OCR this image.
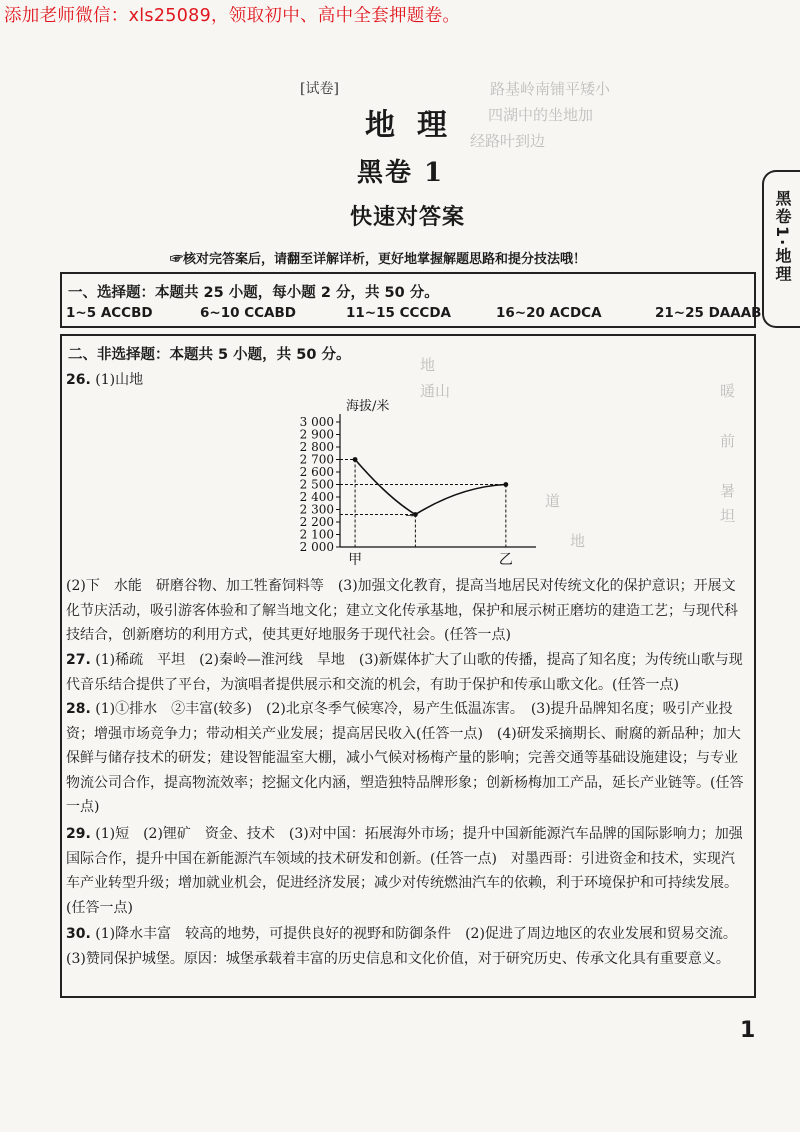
添加老师微信：xls25089，领取初中、高中全套押题卷。
路基岭南铺平矮小
四湖中的坐地加
经路叶到边
地
通山	暖
前
暑
坦
道
地
[试卷]
地理
黑卷 1
快速对答案
☞核对完答案后，请翻至详解详析，更好地掌握解题思路和提分技法哦！	黑卷1·地理
一、选择题：本题共 25 小题，每小题 2 分，共 50 分。
1~5 ACCBD	6~10 CCABD	11~15 CCCDA	16~20 ACDCA	21~25 DAAAB
二、非选择题：本题共 5 小题，共 50 分。
26. (1)山地
3 000
2 900
2 800
2 700
2 600
2 500
2 400
2 300
2 200
2 100
2 000
→
甲	乙
海拔/米
(2)下　水能　研磨谷物、加工牲畜饲料等　(3)加强文化教育，提高当地居民对传统文化的保护意识；开展文化节庆活动，吸引游客体验和了解当地文化；建立文化传承基地，保护和展示树正磨坊的建造工艺；与现代科技结合，创新磨坊的利用方式，使其更好地服务于现代社会。(任答一点)
27. (1)稀疏　平坦　(2)秦岭—淮河线　旱地　(3)新媒体扩大了山歌的传播，提高了知名度；为传统山歌与现代音乐结合提供了平台，为演唱者提供展示和交流的机会，有助于保护和传承山歌文化。(任答一点)
28. (1)①排水　②丰富(较多)　(2)北京冬季气候寒冷，易产生低温冻害。　(3)提升品牌知名度；吸引产业投资；增强市场竞争力；带动相关产业发展；提高居民收入(任答一点)　(4)研发采摘期长、耐腐的新品种；加大保鲜与储存技术的研发；建设智能温室大棚，减小气候对杨梅产量的影响；完善交通等基础设施建设；与专业物流公司合作，提高物流效率；挖掘文化内涵，塑造独特品牌形象；创新杨梅加工产品，延长产业链等。(任答一点)
29. (1)短　(2)锂矿　资金、技术　(3)对中国：拓展海外市场；提升中国新能源汽车品牌的国际影响力；加强国际合作，提升中国在新能源汽车领域的技术研发和创新。(任答一点)　对墨西哥：引进资金和技术，实现汽车产业转型升级；增加就业机会，促进经济发展；减少对传统燃油汽车的依赖，利于环境保护和可持续发展。(任答一点)
30. (1)降水丰富　较高的地势，可提供良好的视野和防御条件　(2)促进了周边地区的农业发展和贸易交流。　(3)赞同保护城堡。原因：城堡承载着丰富的历史信息和文化价值，对于研究历史、传承文化具有重要意义。
1
